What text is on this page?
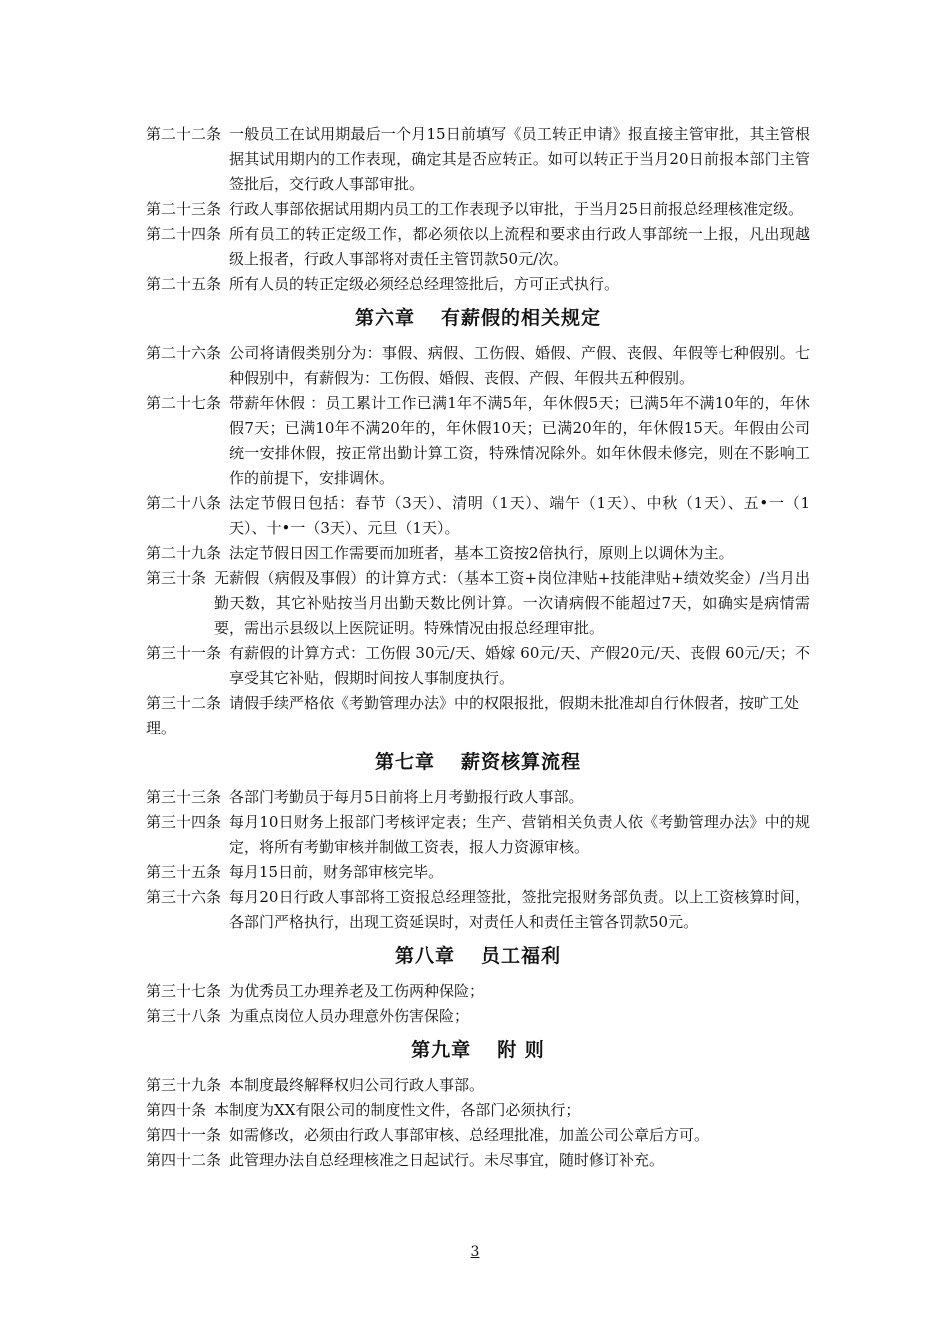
第二十二条 一般员工在试用期最后一个月15日前填写《员工转正申请》报直接主管审批，其主管根据其试用期内的工作表现，确定其是否应转正。如可以转正于当月20日前报本部门主管签批后，交行政人事部审批。
第二十三条 行政人事部依据试用期内员工的工作表现予以审批，于当月25日前报总经理核准定级。
第二十四条 所有员工的转正定级工作，都必须依以上流程和要求由行政人事部统一上报，凡出现越级上报者，行政人事部将对责任主管罚款50元/次。
第二十五条 所有人员的转正定级必须经总经理签批后，方可正式执行。
第六章 有薪假的相关规定
第二十六条 公司将请假类别分为：事假、病假、工伤假、婚假、产假、丧假、年假等七种假别。七种假别中，有薪假为：工伤假、婚假、丧假、产假、年假共五种假别。
第二十七条 带薪年休假 ：员工累计工作已满1年不满5年，年休假5天；已满5年不满10年的，年休假7天；已满10年不满20年的，年休假10天；已满20年的，年休假15天。年假由公司统一安排休假，按正常出勤计算工资，特殊情况除外。如年休假未修完，则在不影响工作的前提下，安排调休。
第二十八条 法定节假日包括：春节（3天）、清明（1天）、端午（1天）、中秋（1天）、五•一（1天）、十•一（3天）、元旦（1天）。
第二十九条 法定节假日因工作需要而加班者，基本工资按2倍执行，原则上以调休为主。
第三十条 无薪假（病假及事假）的计算方式：（基本工资+岗位津贴+技能津贴+绩效奖金）/当月出勤天数，其它补贴按当月出勤天数比例计算。一次请病假不能超过7天，如确实是病情需要，需出示县级以上医院证明。特殊情况由报总经理审批。
第三十一条 有薪假的计算方式：工伤假 30元/天、婚嫁 60元/天、产假20元/天、丧假 60元/天；不享受其它补贴，假期时间按人事制度执行。
第三十二条 请假手续严格依《考勤管理办法》中的权限报批，假期未批准却自行休假者，按旷工处理。
第七章 薪资核算流程
第三十三条 各部门考勤员于每月5日前将上月考勤报行政人事部。
第三十四条 每月10日财务上报部门考核评定表；生产、营销相关负责人依《考勤管理办法》中的规定，将所有考勤审核并制做工资表，报人力资源审核。
第三十五条 每月15日前，财务部审核完毕。
第三十六条 每月20日行政人事部将工资报总经理签批，签批完报财务部负责。以上工资核算时间，各部门严格执行，出现工资延误时，对责任人和责任主管各罚款50元。
第八章 员工福利
第三十七条 为优秀员工办理养老及工伤两种保险；
第三十八条 为重点岗位人员办理意外伤害保险；
第九章 附 则
第三十九条 本制度最终解释权归公司行政人事部。
第四十条 本制度为XX有限公司的制度性文件，各部门必须执行；
第四十一条 如需修改，必须由行政人事部审核、总经理批准，加盖公司公章后方可。
第四十二条 此管理办法自总经理核准之日起试行。未尽事宜，随时修订补充。
3
